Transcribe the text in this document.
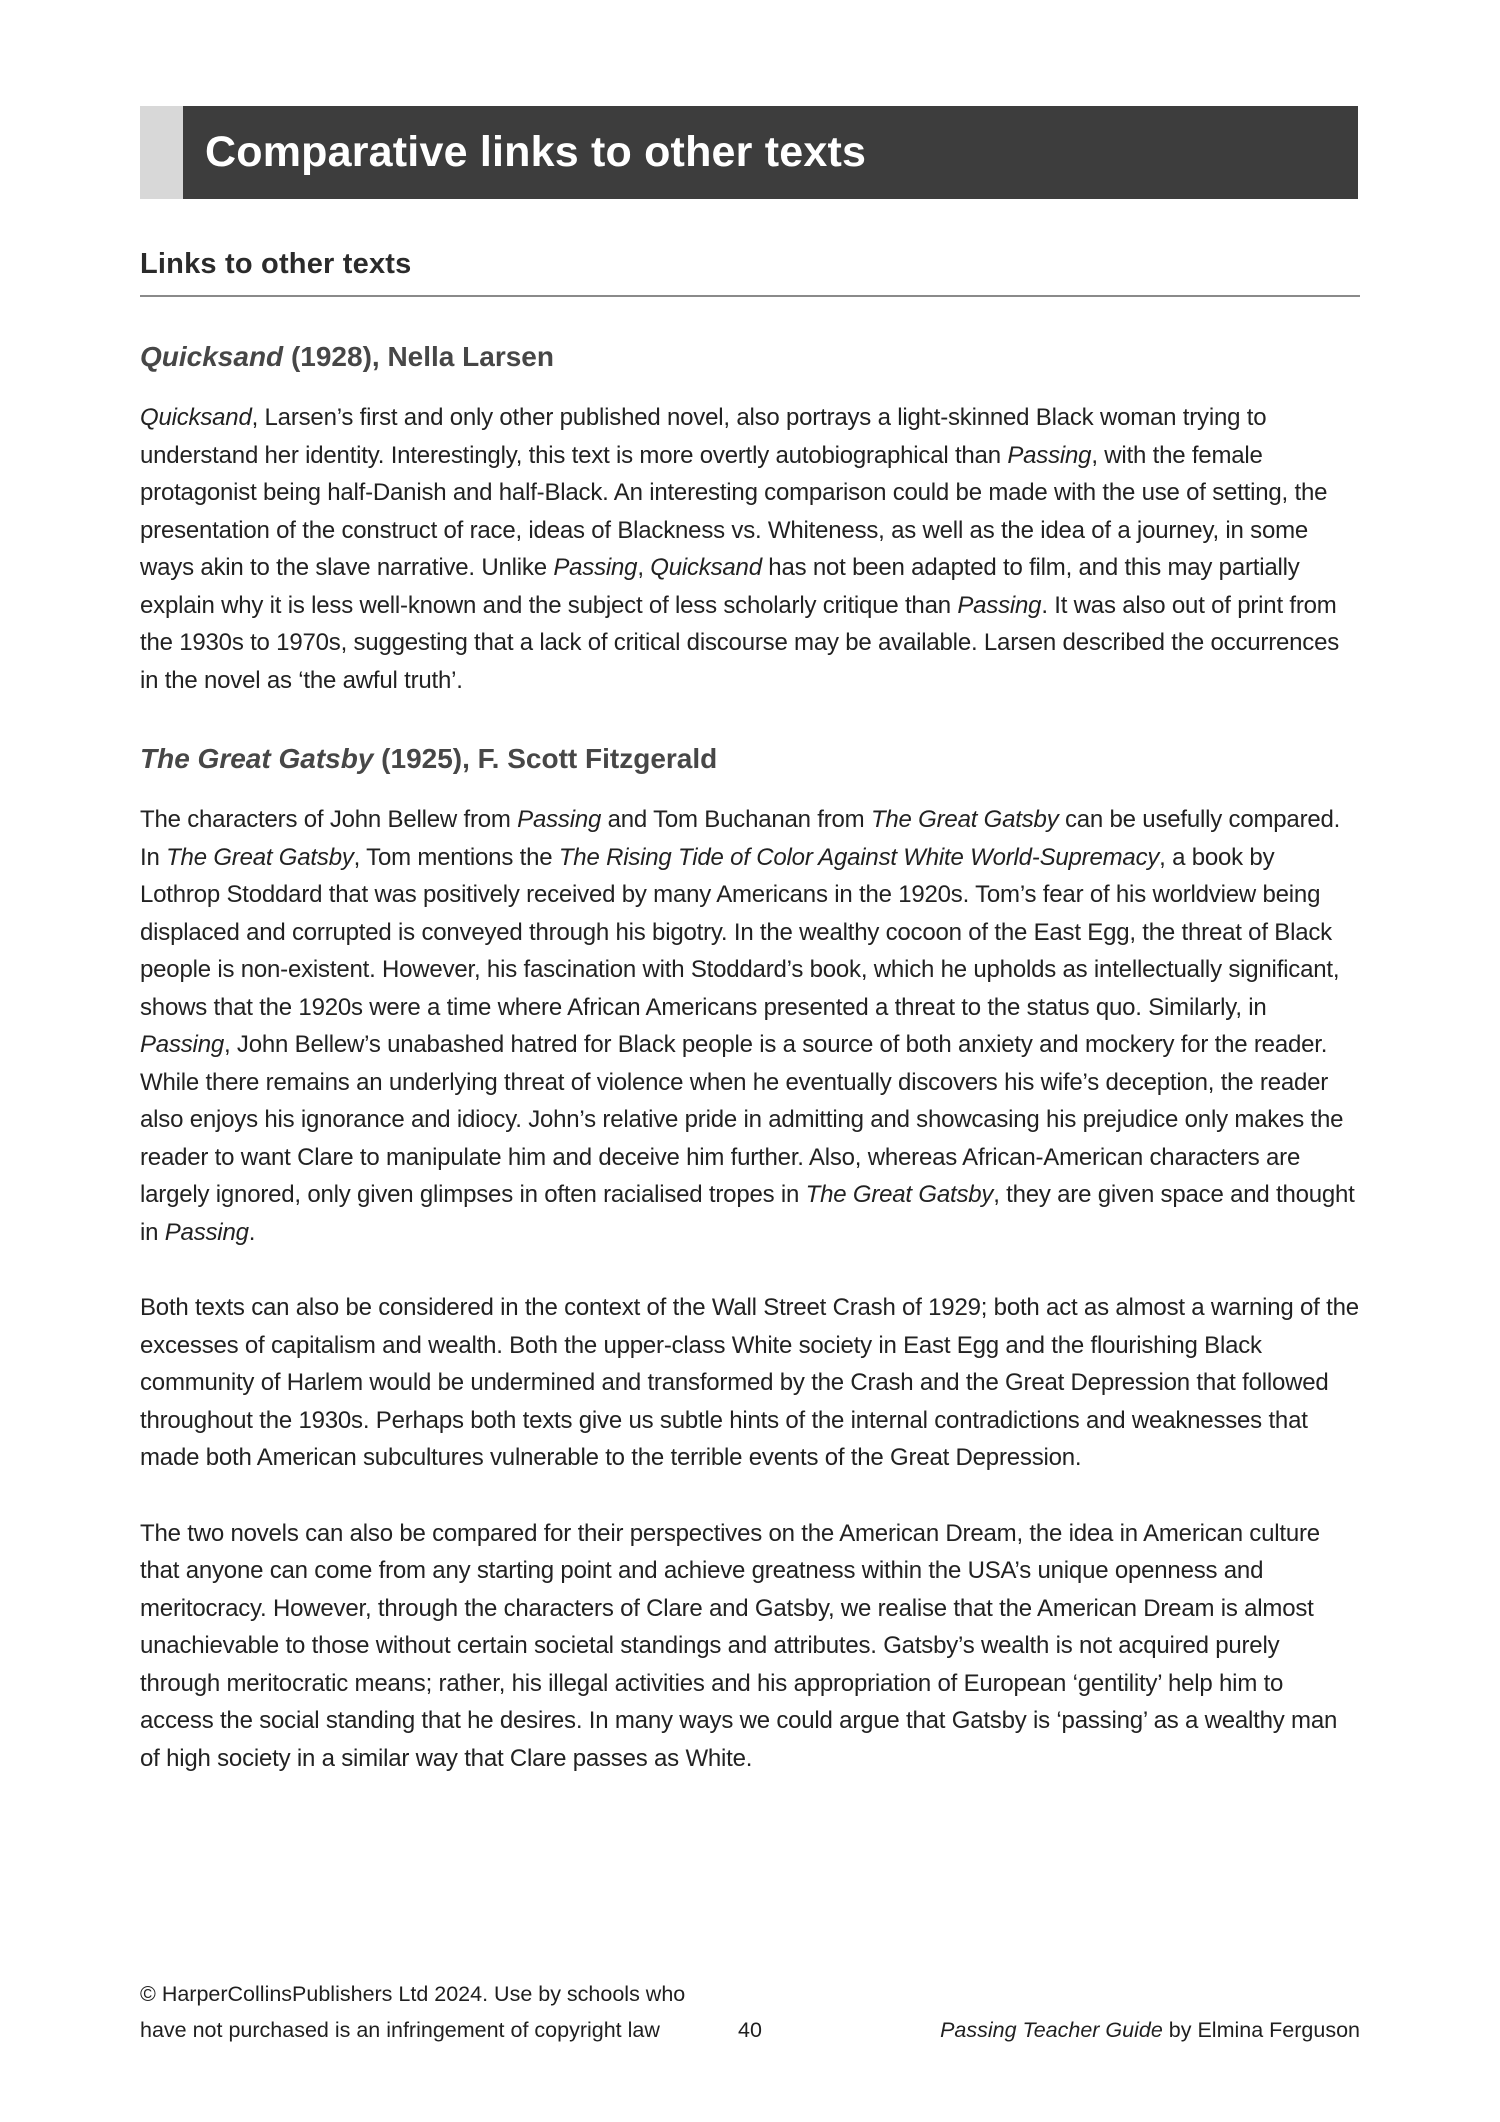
Comparative links to other texts
Links to other texts
Quicksand (1928), Nella Larsen

Quicksand, Larsen’s first and only other published novel, also portrays a light-skinned Black woman trying to understand her identity. Interestingly, this text is more overtly autobiographical than Passing, with the female protagonist being half-Danish and half-Black. An interesting comparison could be made with the use of setting, the presentation of the construct of race, ideas of Blackness vs. Whiteness, as well as the idea of a journey, in some ways akin to the slave narrative. Unlike Passing, Quicksand has not been adapted to film, and this may partially explain why it is less well-known and the subject of less scholarly critique than Passing. It was also out of print from the 1930s to 1970s, suggesting that a lack of critical discourse may be available. Larsen described the occurrences in the novel as ‘the awful truth’.

The Great Gatsby (1925), F. Scott Fitzgerald

The characters of John Bellew from Passing and Tom Buchanan from The Great Gatsby can be usefully compared. In The Great Gatsby, Tom mentions the The Rising Tide of Color Against White World-Supremacy, a book by Lothrop Stoddard that was positively received by many Americans in the 1920s. Tom’s fear of his worldview being displaced and corrupted is conveyed through his bigotry. In the wealthy cocoon of the East Egg, the threat of Black people is non-existent. However, his fascination with Stoddard’s book, which he upholds as intellectually significant, shows that the 1920s were a time where African Americans presented a threat to the status quo. Similarly, in Passing, John Bellew’s unabashed hatred for Black people is a source of both anxiety and mockery for the reader. While there remains an underlying threat of violence when he eventually discovers his wife’s deception, the reader also enjoys his ignorance and idiocy. John’s relative pride in admitting and showcasing his prejudice only makes the reader to want Clare to manipulate him and deceive him further. Also, whereas African-American characters are largely ignored, only given glimpses in often racialised tropes in The Great Gatsby, they are given space and thought in Passing.

Both texts can also be considered in the context of the Wall Street Crash of 1929; both act as almost a warning of the excesses of capitalism and wealth. Both the upper-class White society in East Egg and the flourishing Black community of Harlem would be undermined and transformed by the Crash and the Great Depression that followed throughout the 1930s. Perhaps both texts give us subtle hints of the internal contradictions and weaknesses that made both American subcultures vulnerable to the terrible events of the Great Depression.

The two novels can also be compared for their perspectives on the American Dream, the idea in American culture that anyone can come from any starting point and achieve greatness within the USA’s unique openness and meritocracy. However, through the characters of Clare and Gatsby, we realise that the American Dream is almost unachievable to those without certain societal standings and attributes. Gatsby’s wealth is not acquired purely through meritocratic means; rather, his illegal activities and his appropriation of European ‘gentility’ help him to access the social standing that he desires. In many ways we could argue that Gatsby is ‘passing’ as a wealthy man of high society in a similar way that Clare passes as White.

© HarperCollinsPublishers Ltd 2024. Use by schools who
have not purchased is an infringement of copyright law	40	Passing Teacher Guide by Elmina Ferguson
